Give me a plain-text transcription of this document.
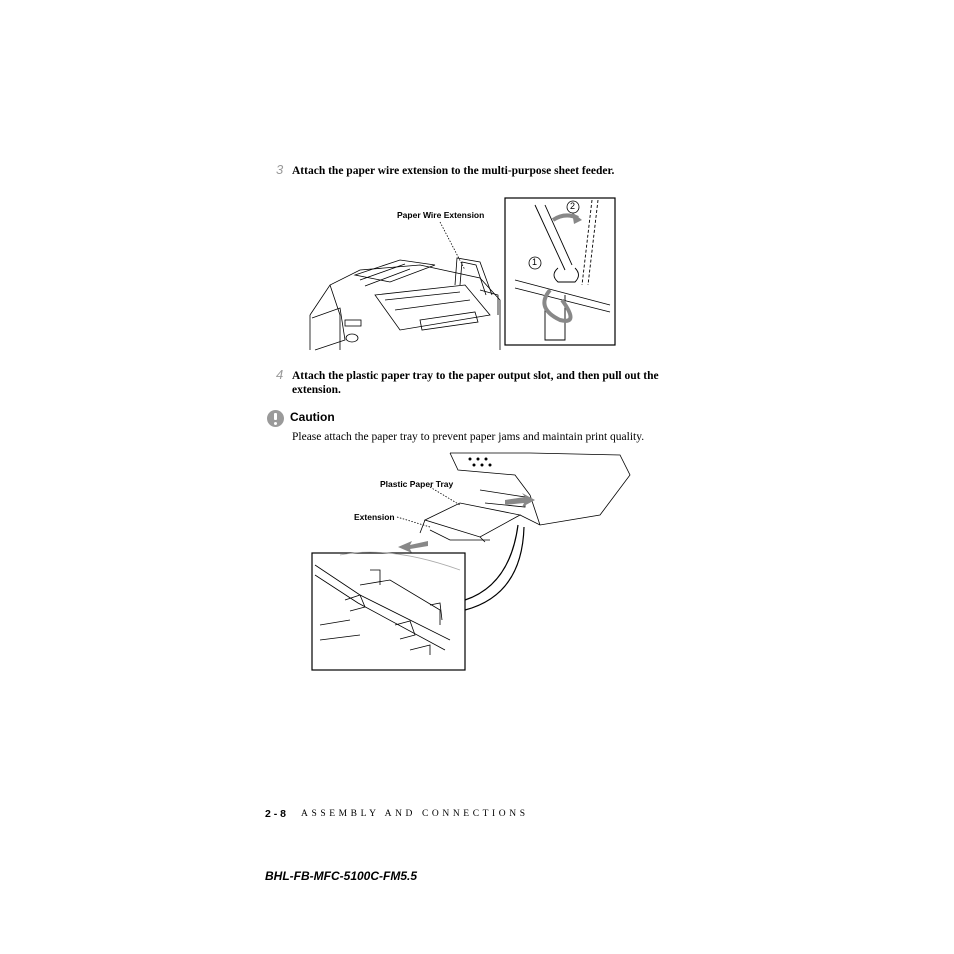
3 Attach the paper wire extension to the multi-purpose sheet feeder.
Paper Wire Extension
2
1
4 Attach the plastic paper tray to the paper output slot, and then pull out the
extension.
Caution
Please attach the paper tray to prevent paper jams and maintain print quality.
Plastic Paper Tray
Extension
2 - 8 ASSEMBLY AND CONNECTIONS
BHL-FB-MFC-5100C-FM5.5
